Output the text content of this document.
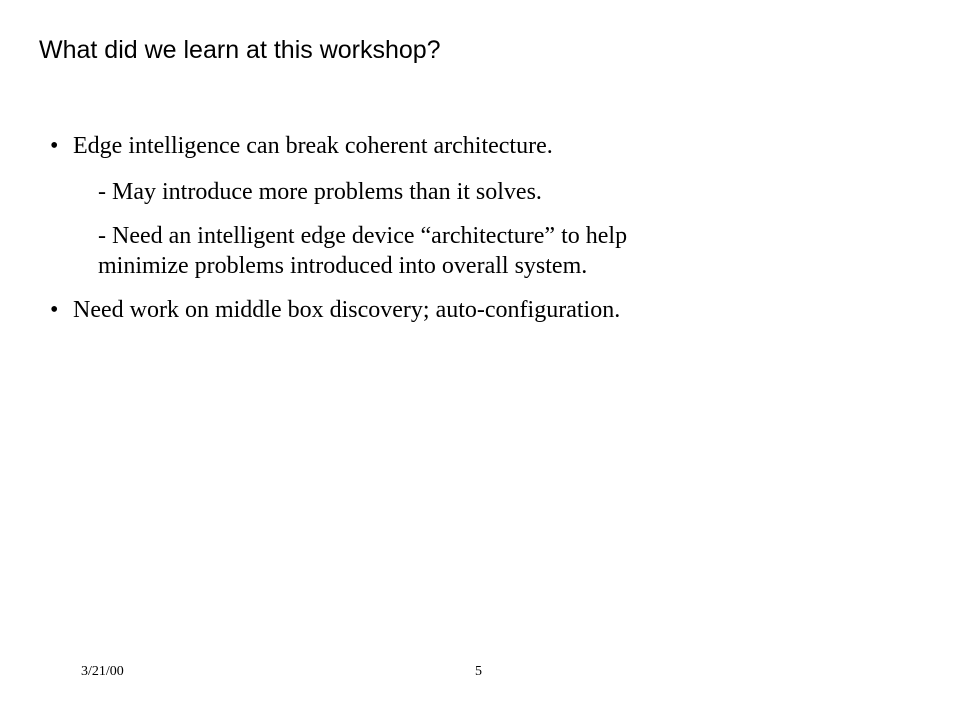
What did we learn at this workshop?
• Edge intelligence can break coherent architecture.
- May introduce more problems than it solves.
- Need an intelligent edge device “architecture” to help
minimize problems introduced into overall system.
• Need work on middle box discovery; auto-configuration.
3/21/00	5
